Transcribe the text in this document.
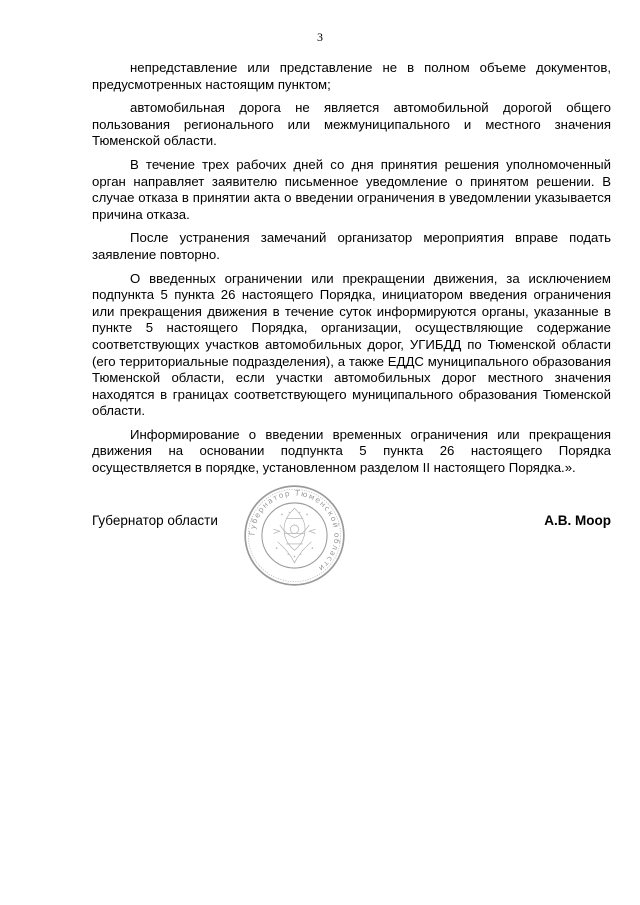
3

непредставление или представление не в полном объеме документов, предусмотренных настоящим пунктом;

автомобильная дорога не является автомобильной дорогой общего пользования регионального или межмуниципального и местного значения Тюменской области.

В течение трех рабочих дней со дня принятия решения уполномоченный орган направляет заявителю письменное уведомление о принятом решении. В случае отказа в принятии акта о введении ограничения в уведомлении указывается причина отказа.

После устранения замечаний организатор мероприятия вправе подать заявление повторно.

О введенных ограничении или прекращении движения, за исключением подпункта 5 пункта 26 настоящего Порядка, инициатором введения ограничения или прекращения движения в течение суток информируются органы, указанные в пункте 5 настоящего Порядка, организации, осуществляющие содержание соответствующих участков автомобильных дорог, УГИБДД по Тюменской области (его территориальные подразделения), а также ЕДДС муниципального образования Тюменской области, если участки автомобильных дорог местного значения находятся в границах соответствующего муниципального образования Тюменской области.

Информирование о введении временных ограничения или прекращения движения на основании подпункта 5 пункта 26 настоящего Порядка осуществляется в порядке, установленном разделом II настоящего Порядка.».

Губернатор области
Губернатор Тюменской области
А.В. Моор
